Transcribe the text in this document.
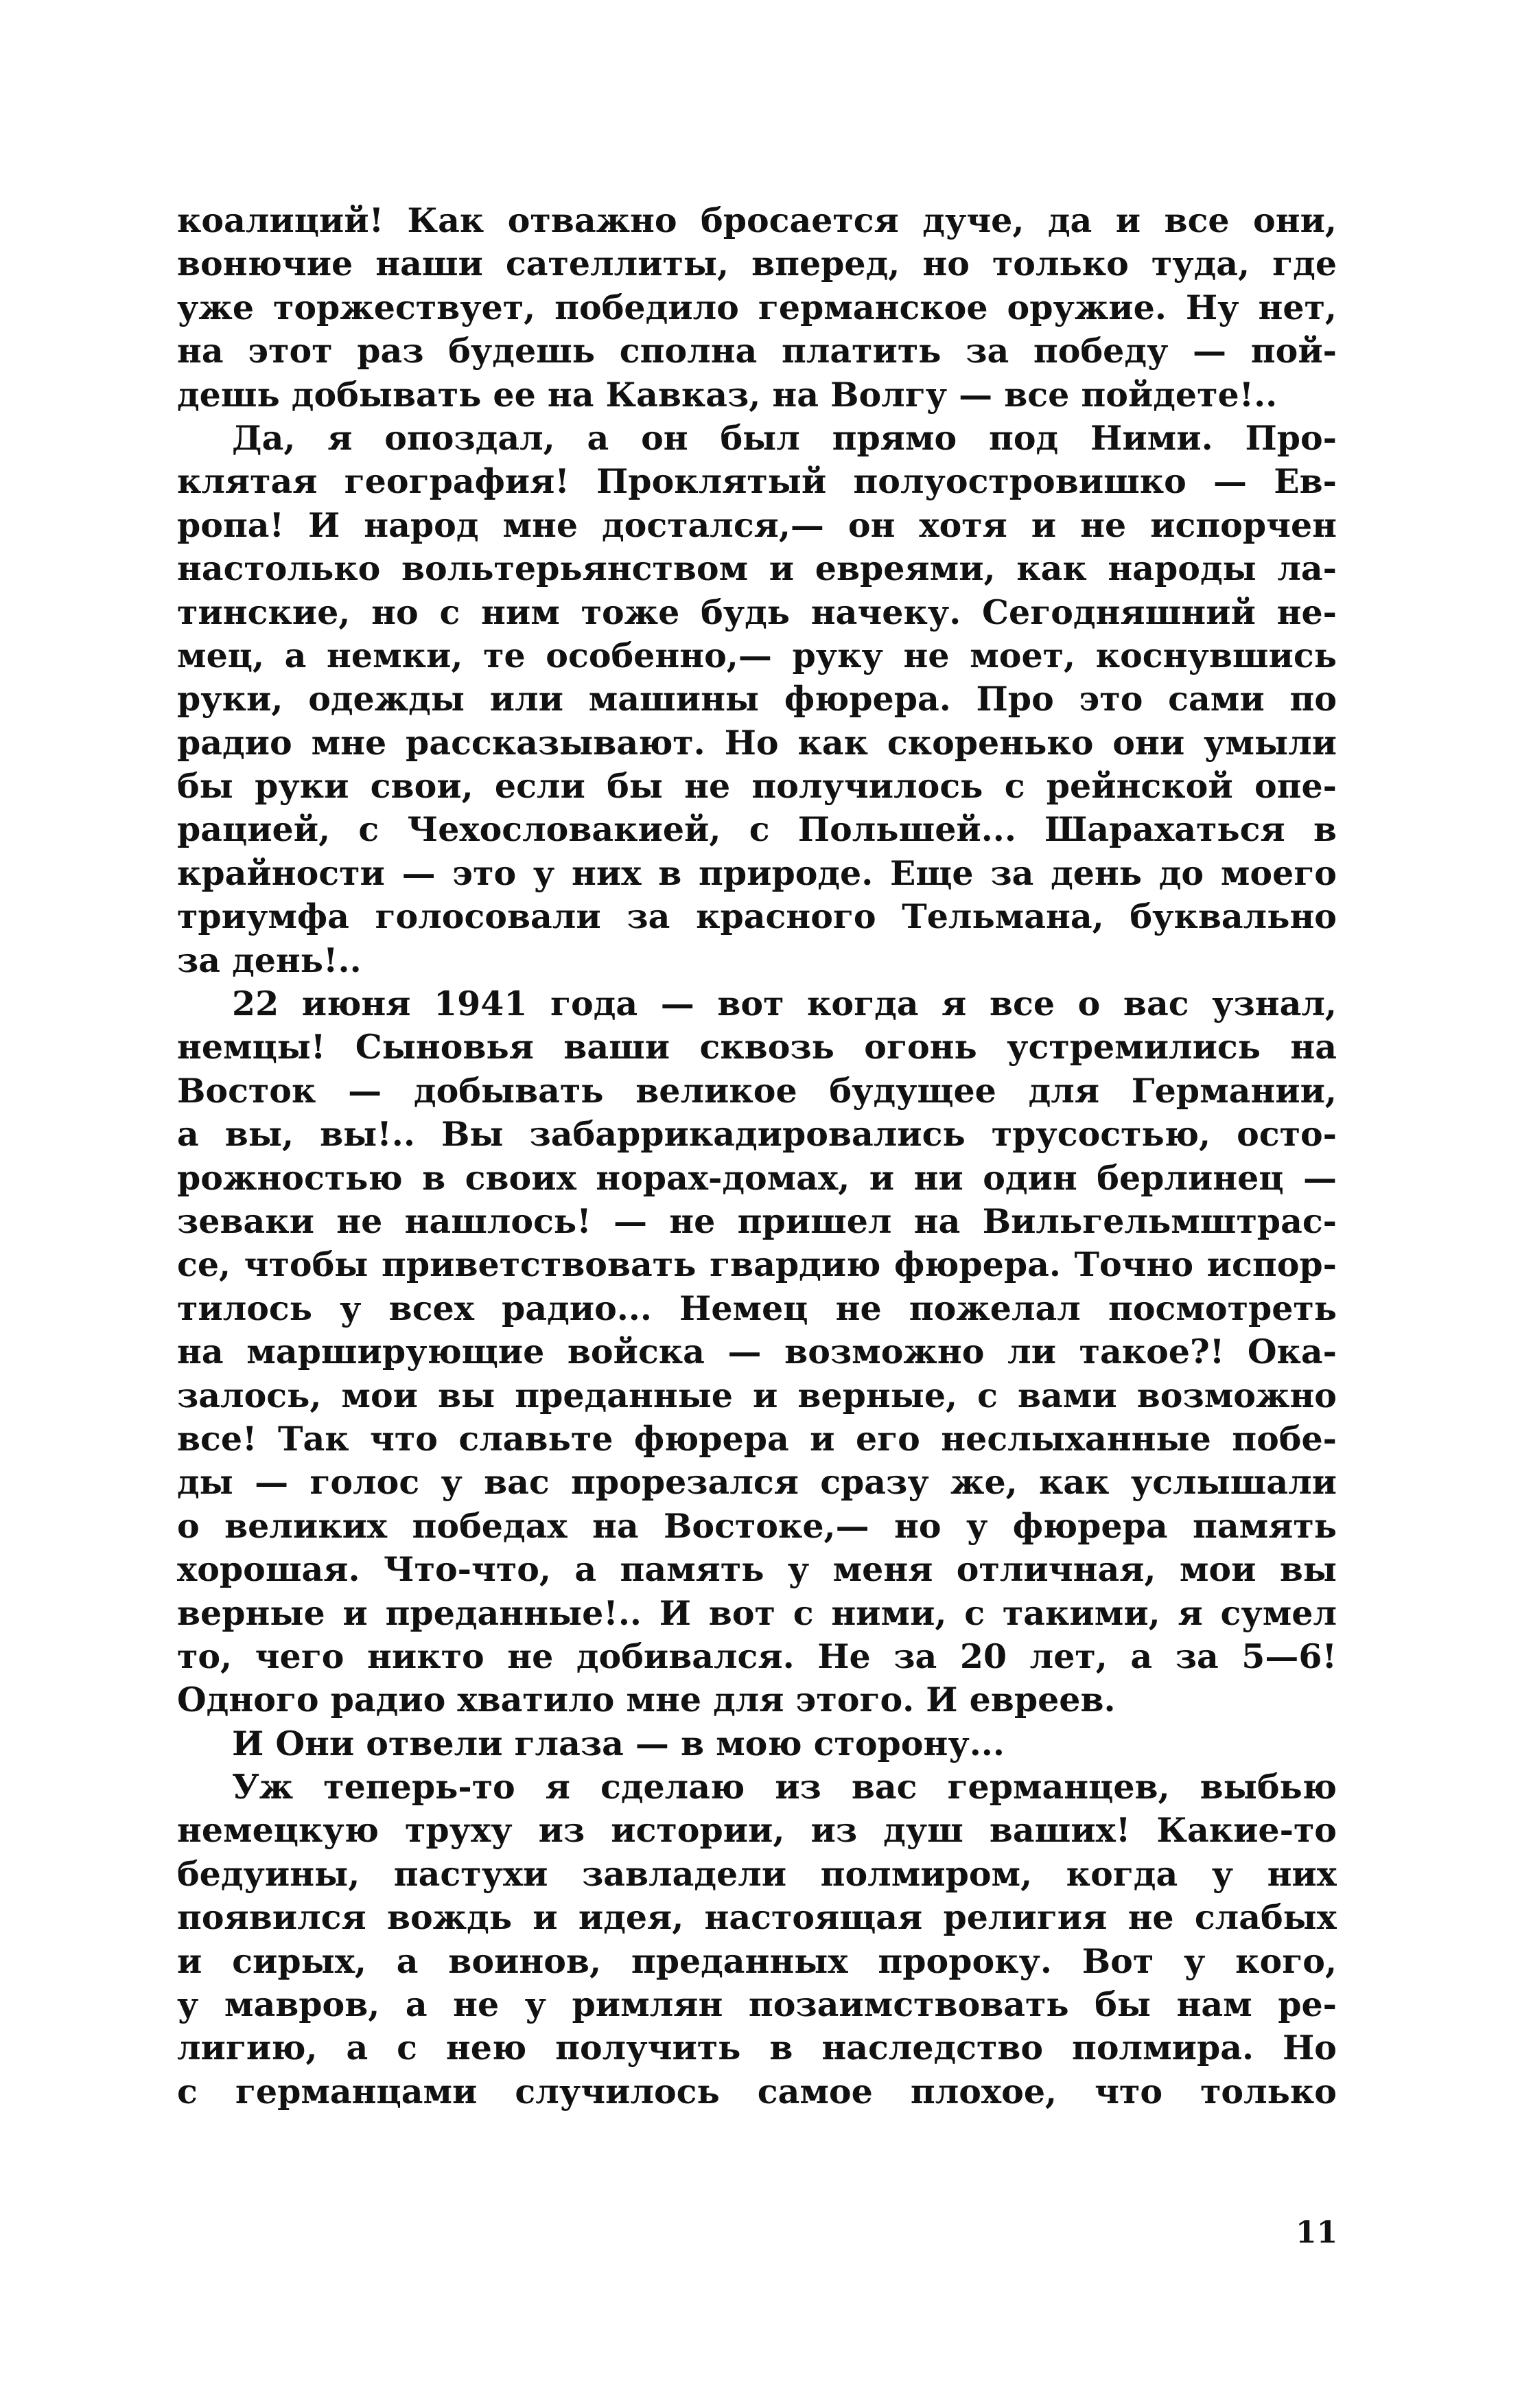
коалиций! Как отважно бросается дуче, да и все они,
вонючие наши сателлиты, вперед, но только туда, где
уже торжествует, победило германское оружие. Ну нет,
на этот раз будешь сполна платить за победу — пой-
дешь добывать ее на Кавказ, на Волгу — все пойдете!..
Да, я опоздал, а он был прямо под Ними. Про-
клятая география! Проклятый полуостровишко — Ев-
ропа! И народ мне достался,— он хотя и не испорчен
настолько вольтерьянством и евреями, как народы ла-
тинские, но с ним тоже будь начеку. Сегодняшний не-
мец, а немки, те особенно,— руку не моет, коснувшись
руки, одежды или машины фюрера. Про это сами по
радио мне рассказывают. Но как скоренько они умыли
бы руки свои, если бы не получилось с рейнской опе-
рацией, с Чехословакией, с Польшей... Шарахаться в
крайности — это у них в природе. Еще за день до моего
триумфа голосовали за красного Тельмана, буквально
за день!..
22 июня 1941 года — вот когда я все о вас узнал,
немцы! Сыновья ваши сквозь огонь устремились на
Восток — добывать великое будущее для Германии,
а вы, вы!.. Вы забаррикадировались трусостью, осто-
рожностью в своих норах-домах, и ни один берлинец —
зеваки не нашлось! — не пришел на Вильгельмштрас-
се, чтобы приветствовать гвардию фюрера. Точно испор-
тилось у всех радио... Немец не пожелал посмотреть
на марширующие войска — возможно ли такое?! Ока-
залось, мои вы преданные и верные, с вами возможно
все! Так что славьте фюрера и его неслыханные побе-
ды — голос у вас прорезался сразу же, как услышали
о великих победах на Востоке,— но у фюрера память
хорошая. Что-что, а память у меня отличная, мои вы
верные и преданные!.. И вот с ними, с такими, я сумел
то, чего никто не добивался. Не за 20 лет, а за 5—6!
Одного радио хватило мне для этого. И евреев.
И Они отвели глаза — в мою сторону...
Уж теперь-то я сделаю из вас германцев, выбью
немецкую труху из истории, из душ ваших! Какие-то
бедуины, пастухи завладели полмиром, когда у них
появился вождь и идея, настоящая религия не слабых
и сирых, а воинов, преданных пророку. Вот у кого,
у мавров, а не у римлян позаимствовать бы нам ре-
лигию, а с нею получить в наследство полмира. Но
с германцами случилось самое плохое, что только
11
